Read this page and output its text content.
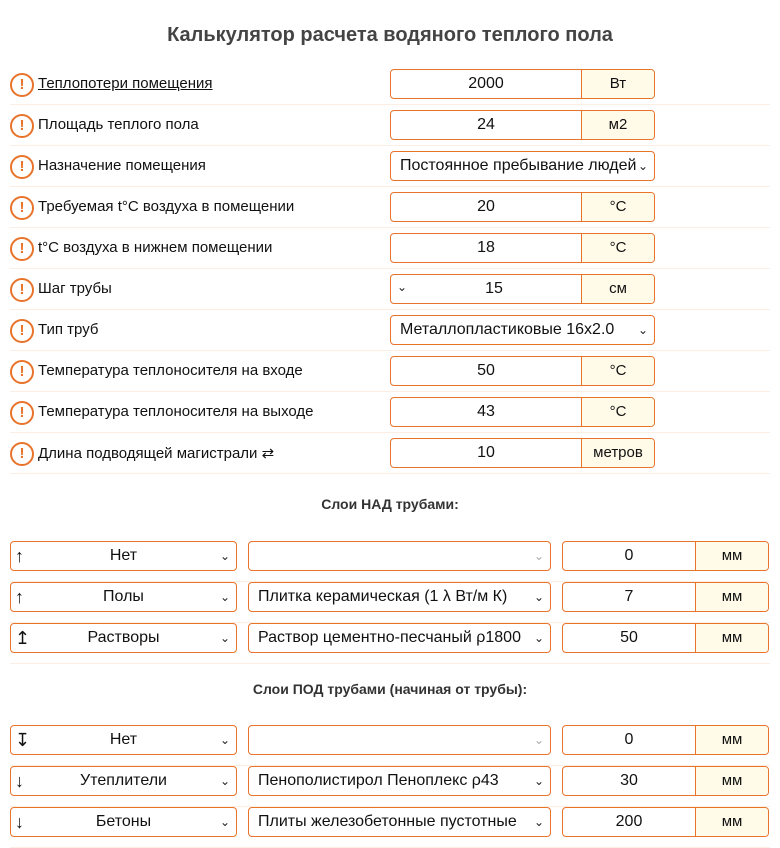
Калькулятор расчета водяного теплого пола
! Теплопотери помещения	2000	Вт
! Площадь теплого пола	24	м2
! Назначение помещения	Постоянное пребывание людей ⌄
! Требуемая t°C воздуха в помещении	20	°C
! t°C воздуха в нижнем помещении	18	°C
! Шаг трубы	⌄	15	см
! Тип труб	Металлопластиковые 16х2.0 ⌄
! Температура теплоносителя на входе	50	°C
! Температура теплоносителя на выходе	43	°C
! Длина подводящей магистрали ⇄	10	метров
Слои НАД трубами:
↑	Нет	⌄	⌄	0	мм
↑	Полы	⌄	Плитка керамическая (1 λ Вт/м К) ⌄	7	мм
↥	Растворы	⌄	Раствор цементно-песчаный ρ1800 ⌄	50	мм
Слои ПОД трубами (начиная от трубы):
↧	Нет	⌄	⌄	0	мм
↓	Утеплители	⌄	Пенополистирол Пеноплекс ρ43	⌄	30	мм
↓	Бетоны	⌄	Плиты железобетонные пустотные ⌄	200	мм
